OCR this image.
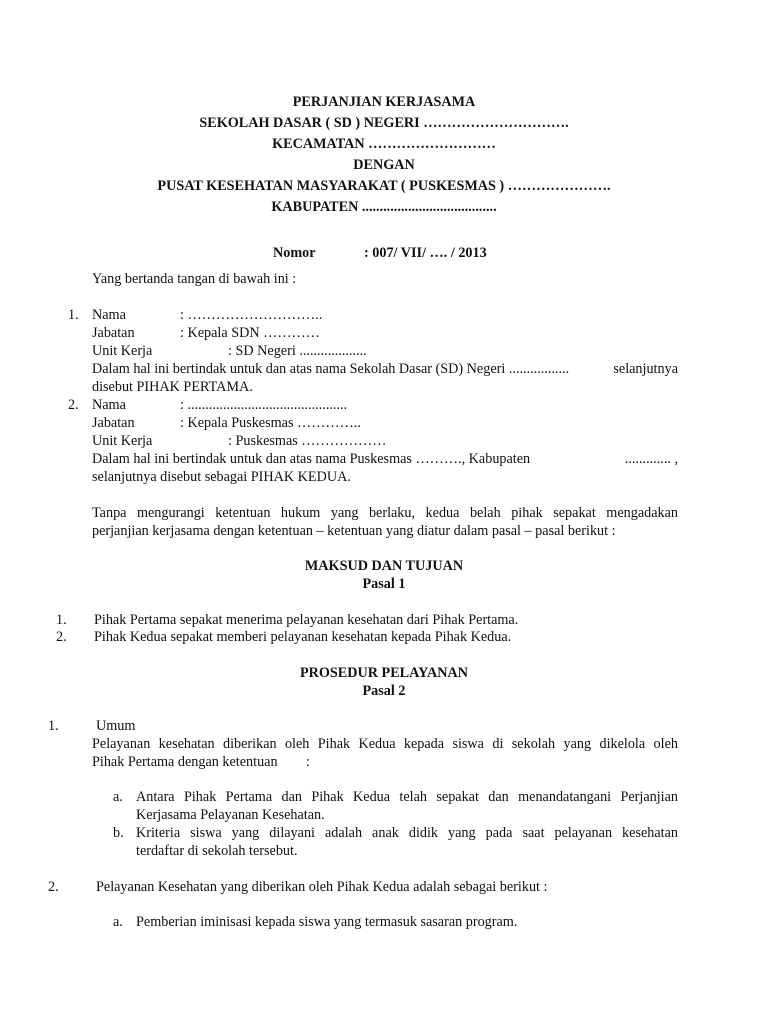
PERJANJIAN KERJASAMA
SEKOLAH DASAR ( SD ) NEGERI ………………………….
KECAMATAN ………………………
DENGAN
PUSAT KESEHATAN MASYARAKAT ( PUSKESMAS ) ………………….
KABUPATEN ......................................
Nomor	: 007/ VII/ …. / 2013
Yang bertanda tangan di bawah ini :
1. Nama	: ………………………..
Jabatan	: Kepala SDN …………
Unit Kerja	: SD Negeri ...................
Dalam hal ini bertindak untuk dan atas nama Sekolah Dasar (SD) Negeri .................	selanjutnya
disebut PIHAK PERTAMA.
2. Nama	: .............................................
Jabatan	: Kepala Puskesmas …………..
Unit Kerja	: Puskesmas ………………
Dalam hal ini bertindak untuk dan atas nama Puskesmas ………., Kabupaten	............. ,
selanjutnya disebut sebagai PIHAK KEDUA.
Tanpa mengurangi ketentuan hukum yang berlaku, kedua belah pihak sepakat mengadakan
perjanjian kerjasama dengan ketentuan – ketentuan yang diatur dalam pasal – pasal berikut :
MAKSUD DAN TUJUAN
Pasal 1
1. Pihak Pertama sepakat menerima pelayanan kesehatan dari Pihak Pertama.
2. Pihak Kedua sepakat memberi pelayanan kesehatan kepada Pihak Kedua.
PROSEDUR PELAYANAN
Pasal 2
1.	Umum
Pelayanan kesehatan diberikan oleh Pihak Kedua kepada siswa di sekolah yang dikelola oleh
Pihak Pertama dengan ketentuan        :
a. Antara Pihak Pertama dan Pihak Kedua telah sepakat dan menandatangani Perjanjian
Kerjasama Pelayanan Kesehatan.
b. Kriteria siswa yang dilayani adalah anak didik yang pada saat pelayanan kesehatan
terdaftar di sekolah tersebut.
2.	Pelayanan Kesehatan yang diberikan oleh Pihak Kedua adalah sebagai berikut :
a. Pemberian iminisasi kepada siswa yang termasuk sasaran program.
